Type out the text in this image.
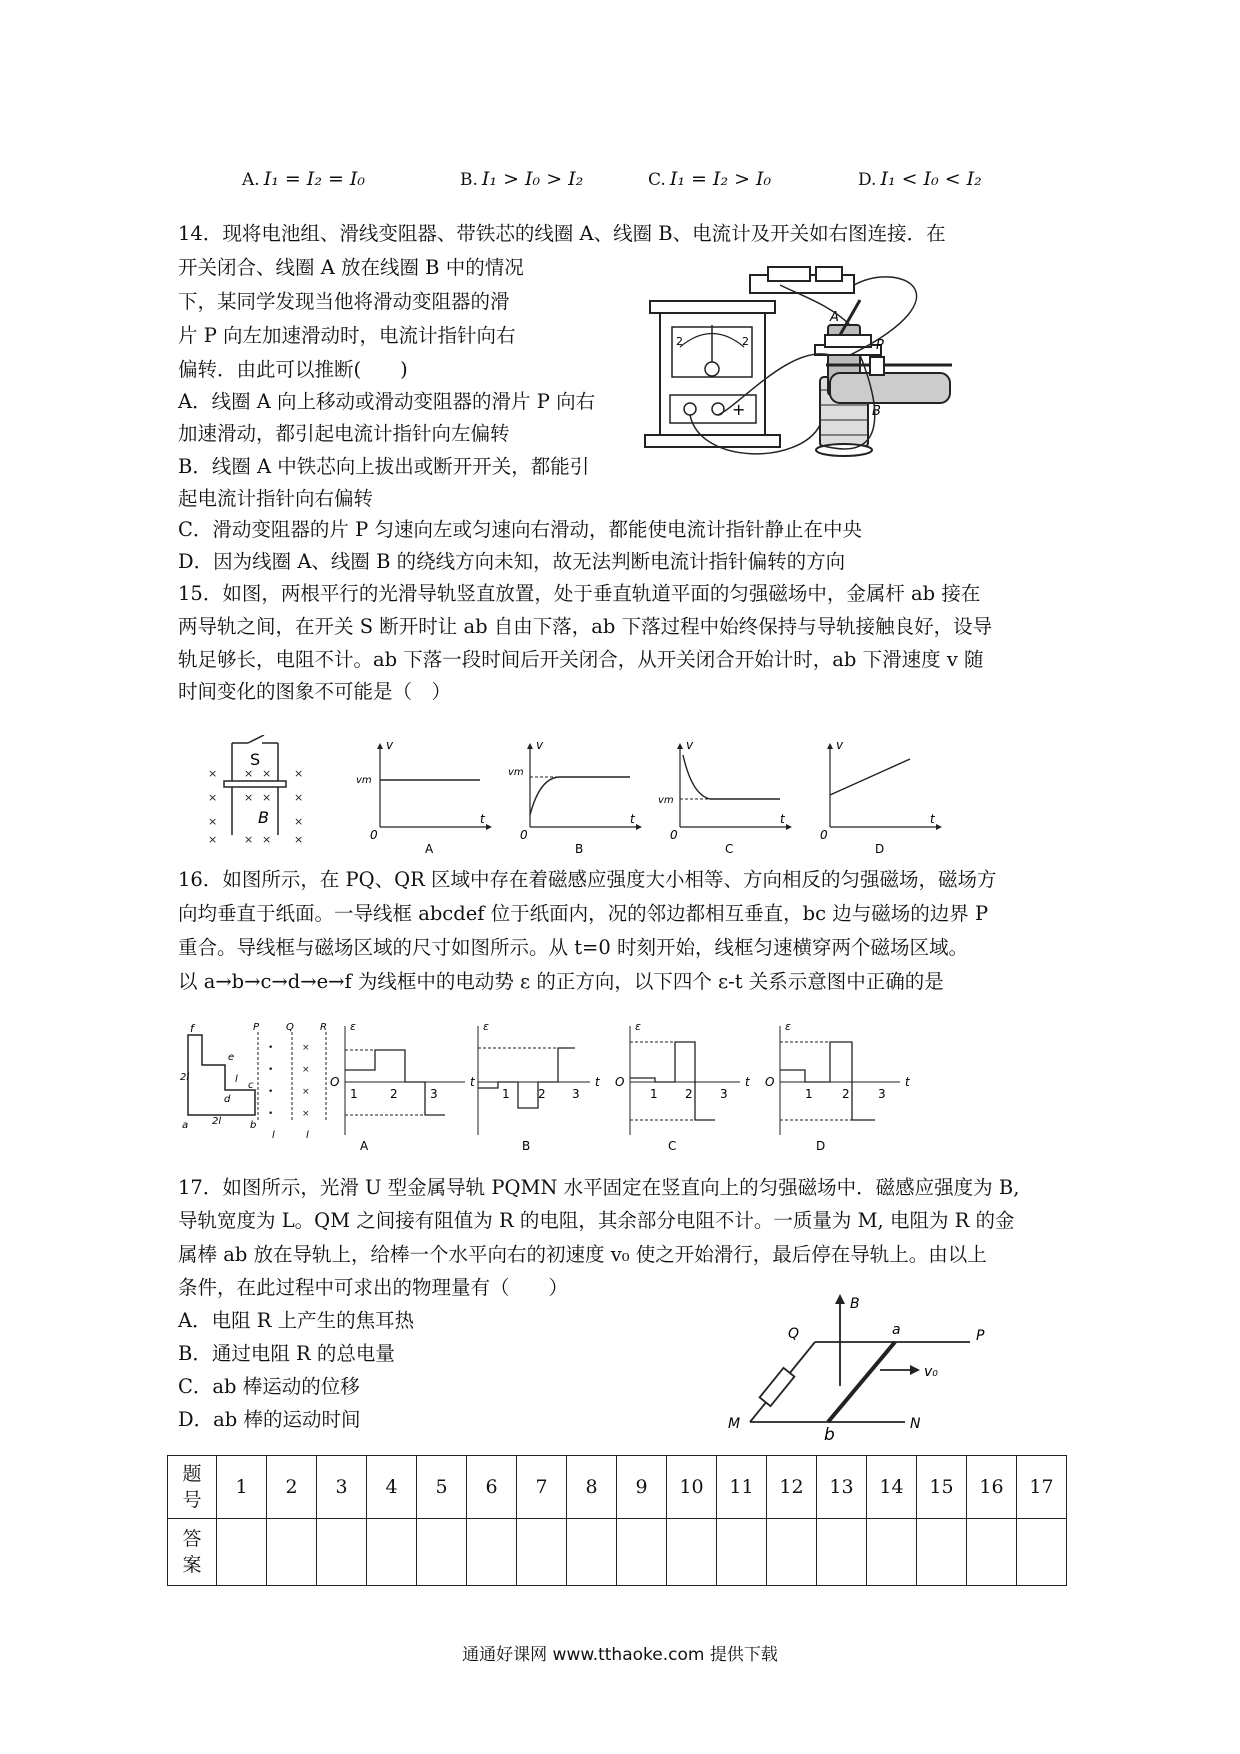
A. I₁ = I₂ = I₀	B. I₁ > I₀ > I₂	C. I₁ = I₂ > I₀	D. I₁ < I₀ < I₂
14．现将电池组、滑线变阻器、带铁芯的线圈 A、线圈 B、电流计及开关如右图连接．在
开关闭合、线圈 A 放在线圈 B 中的情况
下，某同学发现当他将滑动变阻器的滑
片 P 向左加速滑动时，电流计指针向右
偏转．由此可以推断(　　)
A．线圈 A 向上移动或滑动变阻器的滑片 P 向右
加速滑动，都引起电流计指针向左偏转
B．线圈 A 中铁芯向上拔出或断开开关，都能引
起电流计指针向右偏转
C．滑动变阻器的片 P 匀速向左或匀速向右滑动，都能使电流计指针静止在中央
D．因为线圈 A、线圈 B 的绕线方向未知，故无法判断电流计指针偏转的方向
2	2
+
A
B
P
15．如图，两根平行的光滑导轨竖直放置，处于垂直轨道平面的匀强磁场中，金属杆 ab 接在
两导轨之间，在开关 S 断开时让 ab 自由下落，ab 下落过程中始终保持与导轨接触良好，设导
轨足够长，电阻不计。ab 下落一段时间后开关闭合，从开关闭合开始计时，ab 下滑速度 v 随
时间变化的图象不可能是（　）
S
B
× × × ×
× × × ×
×	×
× × × ×
v
vm
0
t
A
v
vm
0
t
B
v
vm
0
t
C
v
0
t
D
16．如图所示，在 PQ、QR 区域中存在着磁感应强度大小相等、方向相反的匀强磁场，磁场方
向均垂直于纸面。一导线框 abcdef 位于纸面内，况的邻边都相互垂直，bc 边与磁场的边界 P
重合。导线框与磁场区域的尺寸如图所示。从 t=0 时刻开始，线框匀速横穿两个磁场区域。
以 a→b→c→d→e→f 为线框中的电动势 ε 的正方向，以下四个 ε-t 关系示意图中正确的是
f
e
d
c
b
a
2l
2l
l
P	Q	R
•
•
•
•
×
×
×
×
l	l
ε
O	t
1	2	3
A
ε
t
1 2 3
B
ε
O	t
1 2 3
C
ε
O	t
1 2 3
D
17．如图所示，光滑 U 型金属导轨 PQMN 水平固定在竖直向上的匀强磁场中．磁感应强度为 B,
导轨宽度为 L。QM 之间接有阻值为 R 的电阻，其余部分电阻不计。一质量为 M, 电阻为 R 的金
属棒 ab 放在导轨上，给棒一个水平向右的初速度 v₀ 使之开始滑行，最后停在导轨上。由以上
条件，在此过程中可求出的物理量有（　　）
A．电阻 R 上产生的焦耳热
B．通过电阻 R 的总电量
C．ab 棒运动的位移
D．ab 棒的运动时间
B
Q	a	P
v₀
M
b
N
题号	1	2	3	4	5	6	7	8	9	10	11	12	13	14	15	16	17

答案																	

通通好课网 www.tthaoke.com 提供下载
